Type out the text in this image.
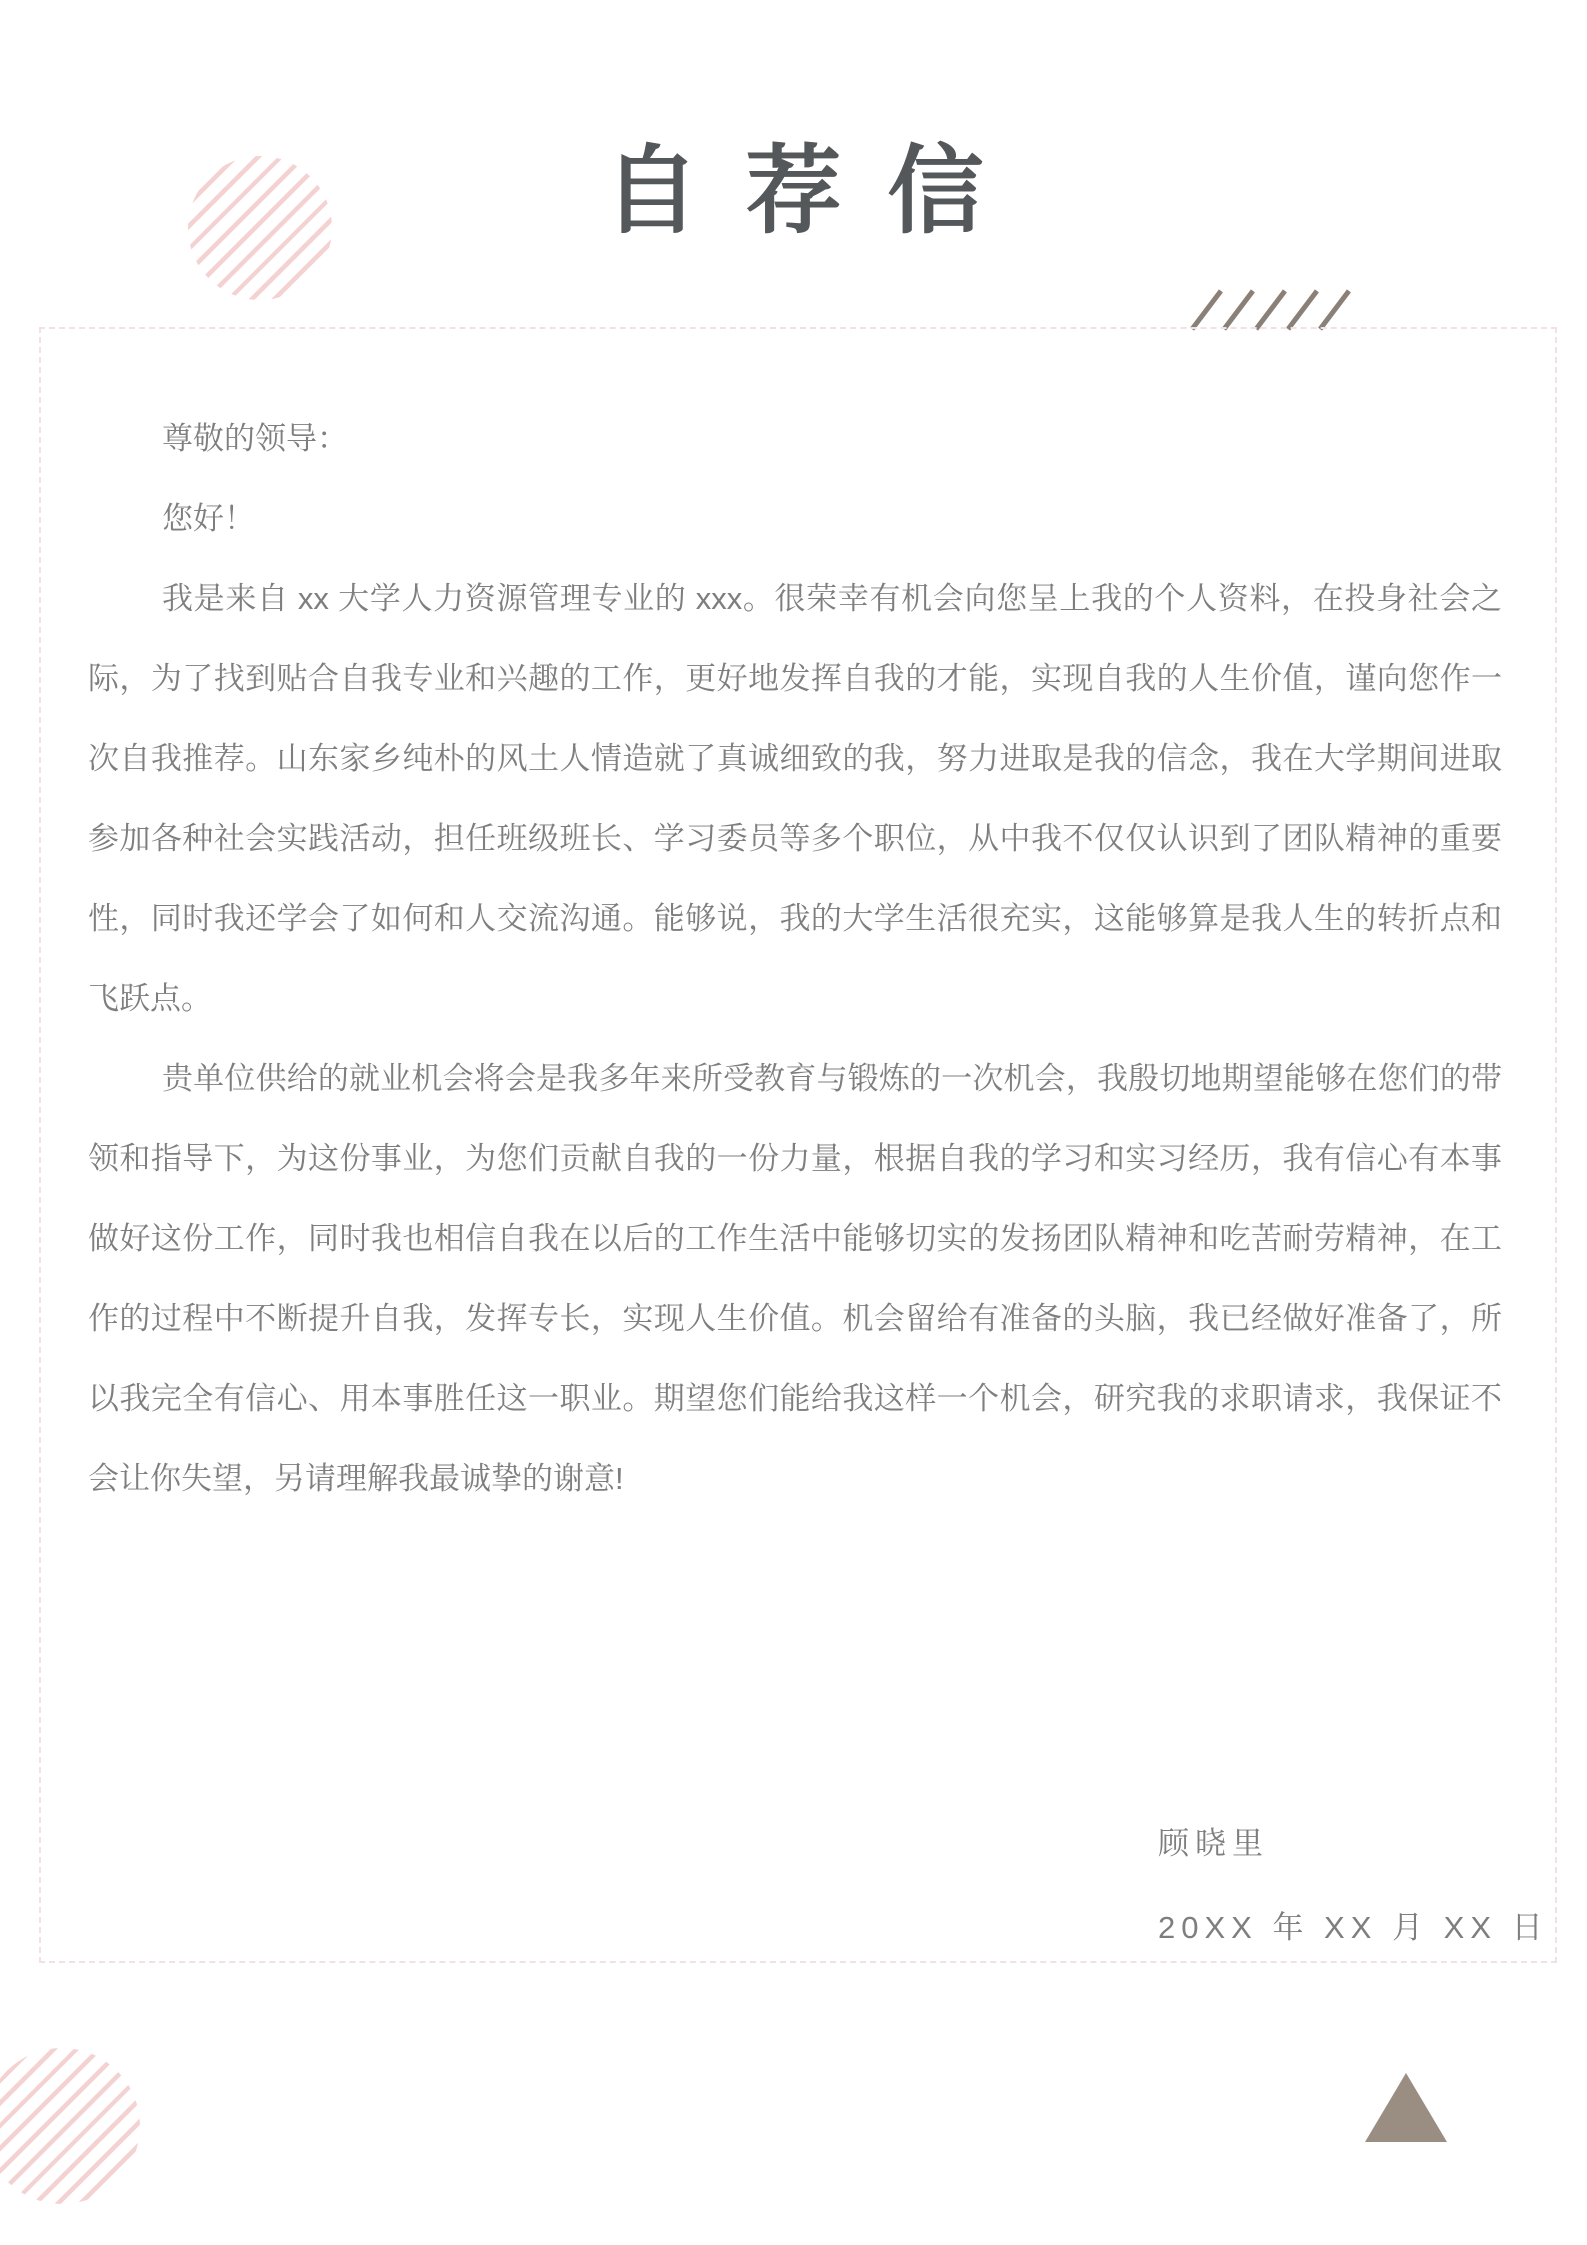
自荐信

尊敬的领导：

您好！

我是来自 xx 大学人力资源管理专业的 xxx。很荣幸有机会向您呈上我的个人资料，在投身社会之际，为了找到贴合自我专业和兴趣的工作，更好地发挥自我的才能，实现自我的人生价值，谨向您作一次自我推荐。山东家乡纯朴的风土人情造就了真诚细致的我，努力进取是我的信念，我在大学期间进取参加各种社会实践活动，担任班级班长、学习委员等多个职位，从中我不仅仅认识到了团队精神的重要性，同时我还学会了如何和人交流沟通。能够说，我的大学生活很充实，这能够算是我人生的转折点和飞跃点。

贵单位供给的就业机会将会是我多年来所受教育与锻炼的一次机会，我殷切地期望能够在您们的带领和指导下，为这份事业，为您们贡献自我的一份力量，根据自我的学习和实习经历，我有信心有本事做好这份工作，同时我也相信自我在以后的工作生活中能够切实的发扬团队精神和吃苦耐劳精神，在工作的过程中不断提升自我，发挥专长，实现人生价值。机会留给有准备的头脑，我已经做好准备了，所以我完全有信心、用本事胜任这一职业。期望您们能给我这样一个机会，研究我的求职请求，我保证不会让你失望，另请理解我最诚挚的谢意!

顾晓里
20XX 年 XX 月 XX 日
